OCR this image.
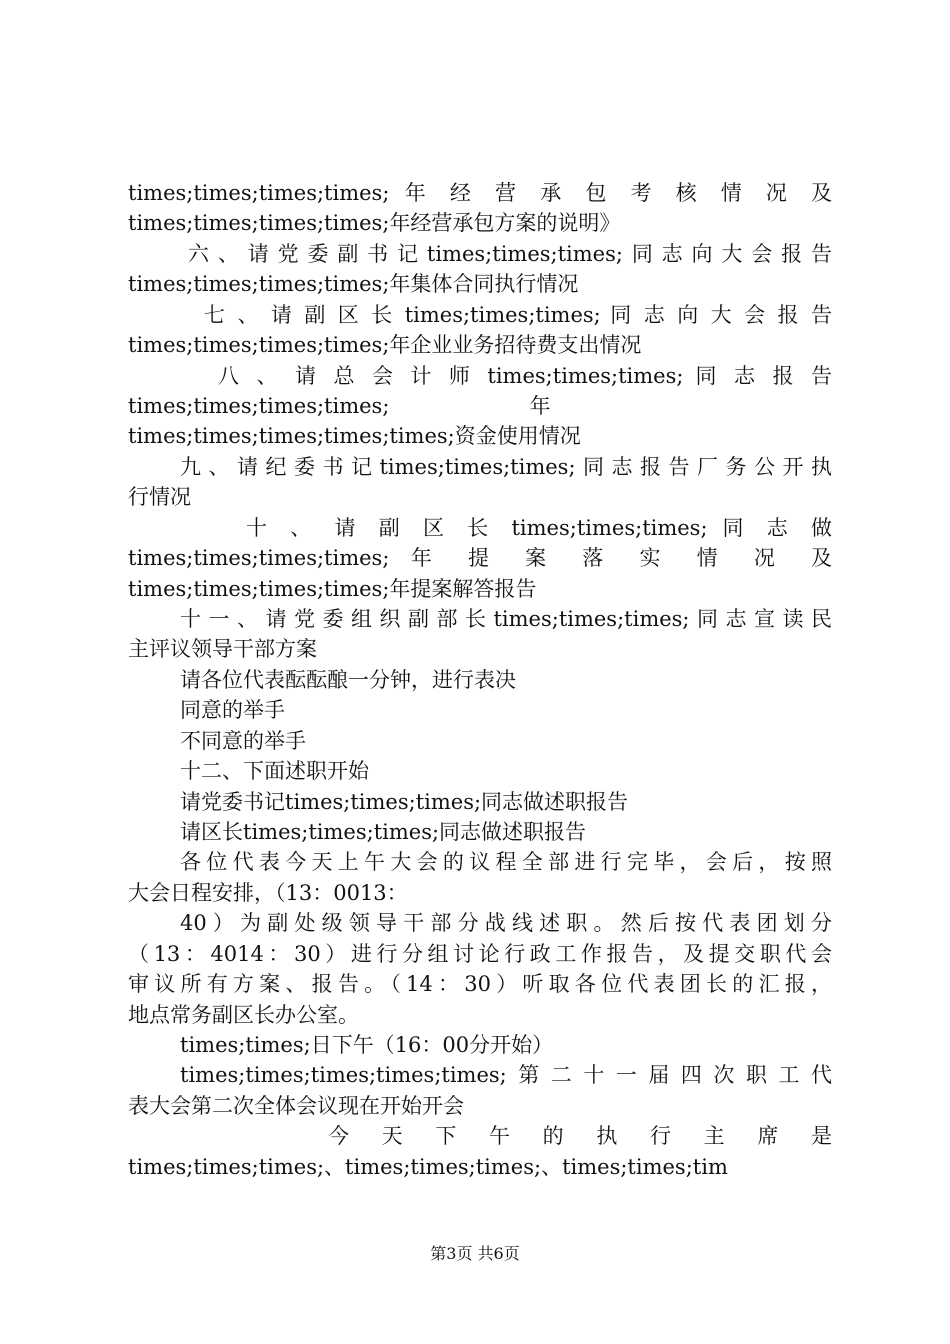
times;times;times;times; 年 经 营 承 包 考 核 情 况 及
times;times;times;times;年经营承包方案的说明》
六、请党委副书记times;times;times;同志向大会报告
times;times;times;times;年集体合同执行情况
七 、 请 副 区 长 times;times;times; 同 志 向 大 会 报 告
times;times;times;times;年企业业务招待费支出情况
八 、 请 总 会 计 师 times;times;times; 同 志 报 告
times;times;times;times;                     年
times;times;times;times;times;资金使用情况
九、请纪委书记times;times;times;同志报告厂务公开执
行情况
十 、 请 副 区 长 times;times;times; 同 志 做
times;times;times;times; 年 提 案 落 实 情 况 及
times;times;times;times;年提案解答报告
十一、请党委组织副部长times;times;times;同志宣读民
主评议领导干部方案
请各位代表酝酝酿一分钟，进行表决
同意的举手
不同意的举手
十二、下面述职开始
请党委书记times;times;times;同志做述职报告
请区长times;times;times;同志做述职报告
各位代表今天上午大会的议程全部进行完毕，会后，按照
大会日程安排，（13：0013：
40）为副处级领导干部分战线述职。然后按代表团划分
（13：4014：30）进行分组讨论行政工作报告，及提交职代会
审议所有方案、报告。（14：30）听取各位代表团长的汇报，
地点常务副区长办公室。
times;times;日下午（16：00分开始）
times;times;times;times;times;第二十一届四次职工代
表大会第二次全体会议现在开始开会
今 天 下 午 的 执 行 主 席 是
times;times;times;、times;times;times;、times;times;tim
第3页 共6页
